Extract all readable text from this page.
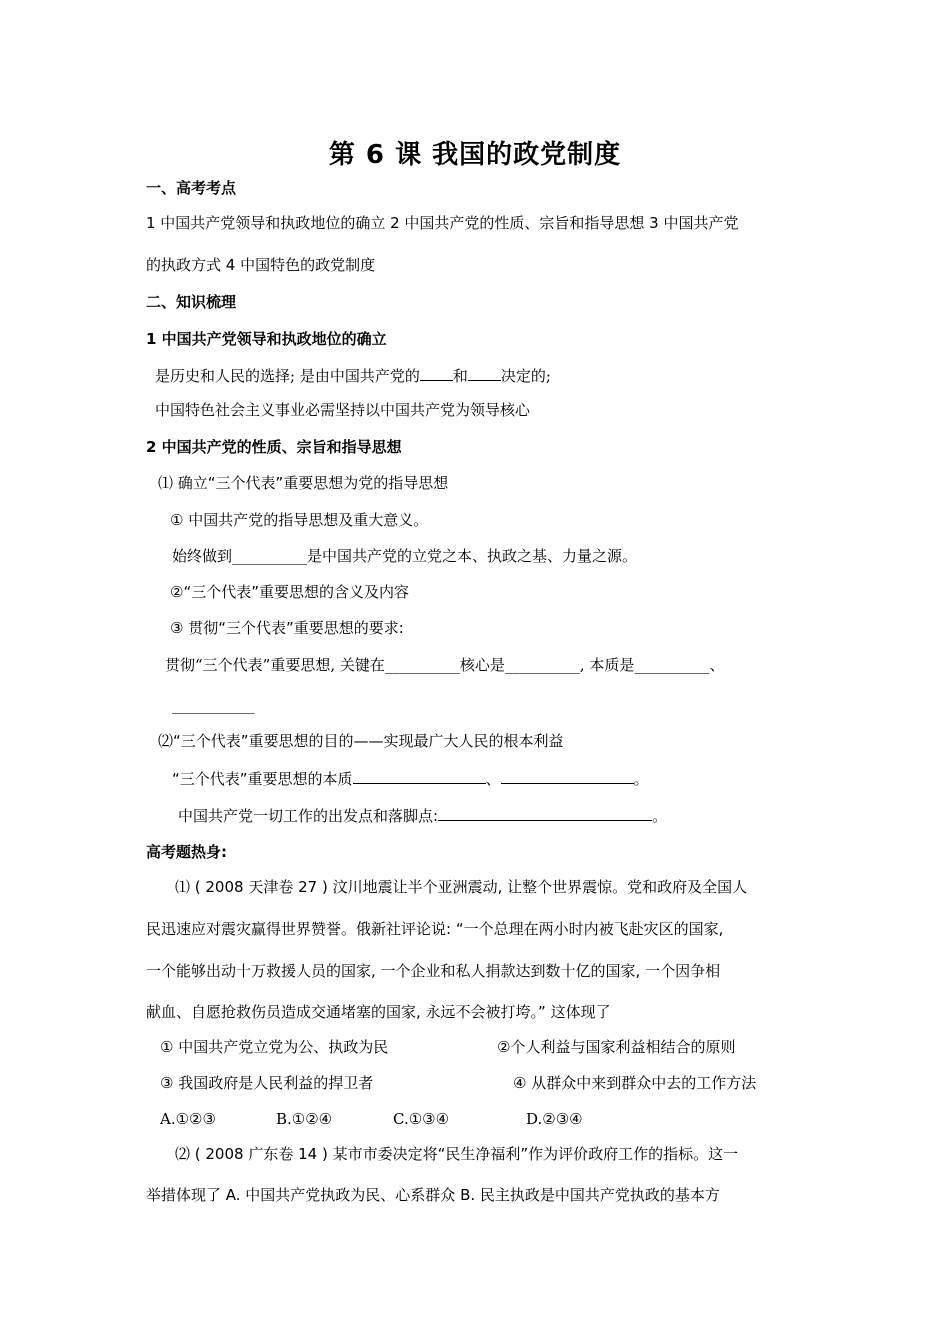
第 6 课 我国的政党制度
一、高考考点
1 中国共产党领导和执政地位的确立 2 中国共产党的性质、宗旨和指导思想 3 中国共产党
的执政方式 4 中国特色的政党制度
二、知识梳理
1 中国共产党领导和执政地位的确立
是历史和人民的选择; 是由中国共产党的 和 决定的;
中国特色社会主义事业必需坚持以中国共产党为领导核心
2 中国共产党的性质、宗旨和指导思想
⑴ 确立“三个代表”重要思想为党的指导思想
① 中国共产党的指导思想及重大意义。
始终做到__________是中国共产党的立党之本、执政之基、力量之源。
②“三个代表”重要思想的含义及内容
③ 贯彻“三个代表”重要思想的要求:
贯彻“三个代表”重要思想, 关键在__________核心是__________, 本质是__________、
___________
⑵“三个代表”重要思想的目的——实现最广大人民的根本利益
“三个代表”重要思想的本质	、	。
中国共产党一切工作的出发点和落脚点:	。
高考题热身:
⑴ ( 2008 天津卷 27 ) 汶川地震让半个亚洲震动, 让整个世界震惊。党和政府及全国人
民迅速应对震灾赢得世界赞誉。俄新社评论说: “一个总理在两小时内被飞赴灾区的国家,
一个能够出动十万救援人员的国家, 一个企业和私人捐款达到数十亿的国家, 一个因争相
献血、自愿抢救伤员造成交通堵塞的国家, 永远不会被打垮。” 这体现了
① 中国共产党立党为公、执政为民	②个人利益与国家利益相结合的原则
③ 我国政府是人民利益的捍卫者	④ 从群众中来到群众中去的工作方法
A.①②③	B.①②④	C.①③④	D.②③④
⑵ ( 2008 广东卷 14 ) 某市市委决定将“民生净福利”作为评价政府工作的指标。这一
举措体现了 A. 中国共产党执政为民、心系群众 B. 民主执政是中国共产党执政的基本方
